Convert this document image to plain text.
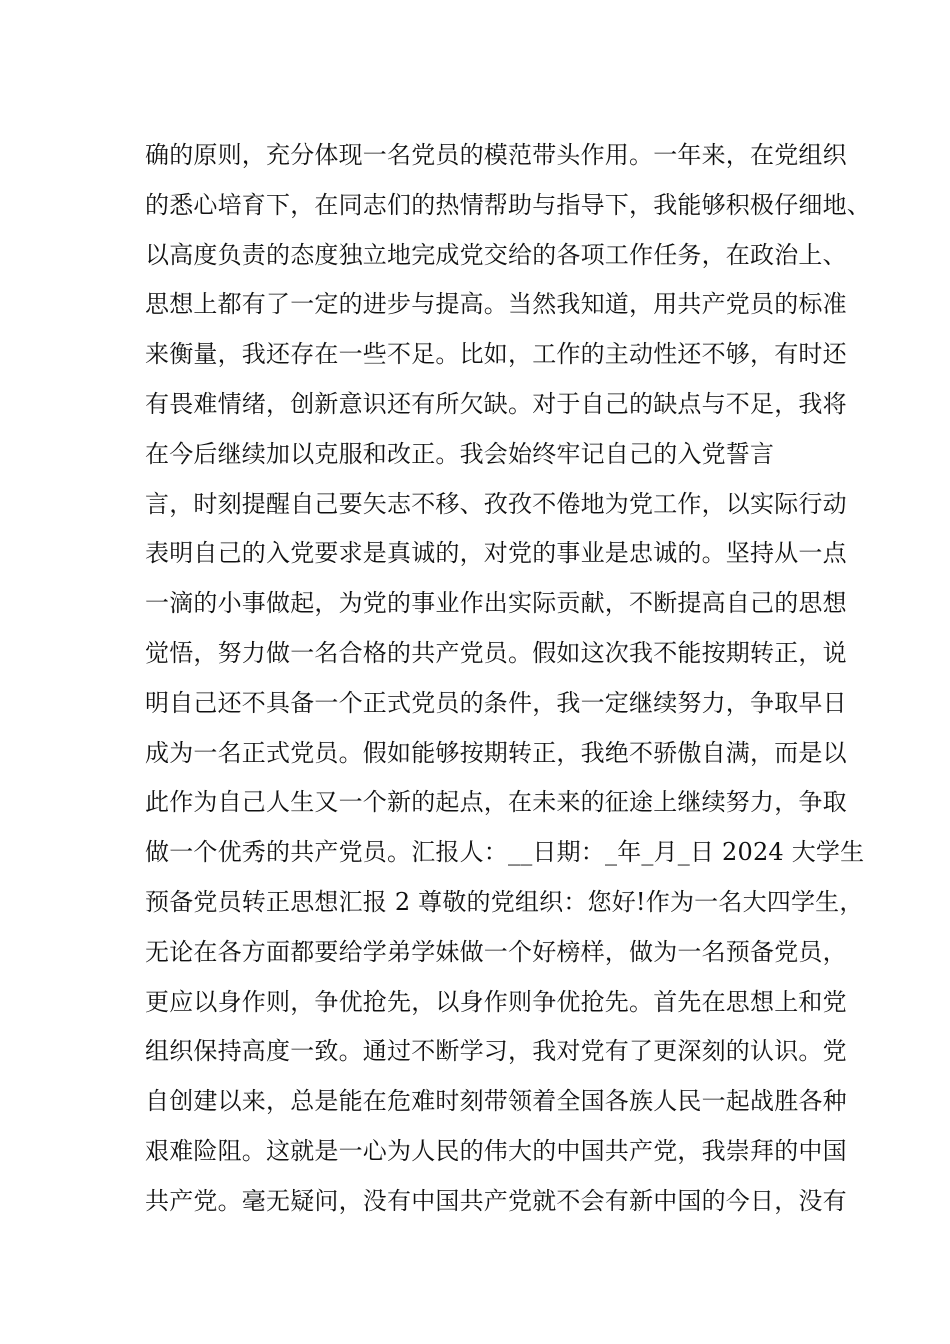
确的原则，充分体现一名党员的模范带头作用。一年来，在党组织
的悉心培育下，在同志们的热情帮助与指导下，我能够积极仔细地、
以高度负责的态度独立地完成党交给的各项工作任务，在政治上、
思想上都有了一定的进步与提高。当然我知道，用共产党员的标准
来衡量，我还存在一些不足。比如，工作的主动性还不够，有时还
有畏难情绪，创新意识还有所欠缺。对于自己的缺点与不足，我将
在今后继续加以克服和改正。我会始终牢记自己的入党誓言
言，时刻提醒自己要矢志不移、孜孜不倦地为党工作，以实际行动
表明自己的入党要求是真诚的，对党的事业是忠诚的。坚持从一点
一滴的小事做起，为党的事业作出实际贡献，不断提高自己的思想
觉悟，努力做一名合格的共产党员。假如这次我不能按期转正，说
明自己还不具备一个正式党员的条件，我一定继续努力，争取早日
成为一名正式党员。假如能够按期转正，我绝不骄傲自满，而是以
此作为自己人生又一个新的起点，在未来的征途上继续努力，争取
做一个优秀的共产党员。汇报人：__日期：_年_月_日 2024 大学生
预备党员转正思想汇报 2 尊敬的党组织：您好!作为一名大四学生，
无论在各方面都要给学弟学妹做一个好榜样，做为一名预备党员，
更应以身作则，争优抢先，以身作则争优抢先。首先在思想上和党
组织保持高度一致。通过不断学习，我对党有了更深刻的认识。党
自创建以来，总是能在危难时刻带领着全国各族人民一起战胜各种
艰难险阻。这就是一心为人民的伟大的中国共产党，我崇拜的中国
共产党。毫无疑问，没有中国共产党就不会有新中国的今日，没有
